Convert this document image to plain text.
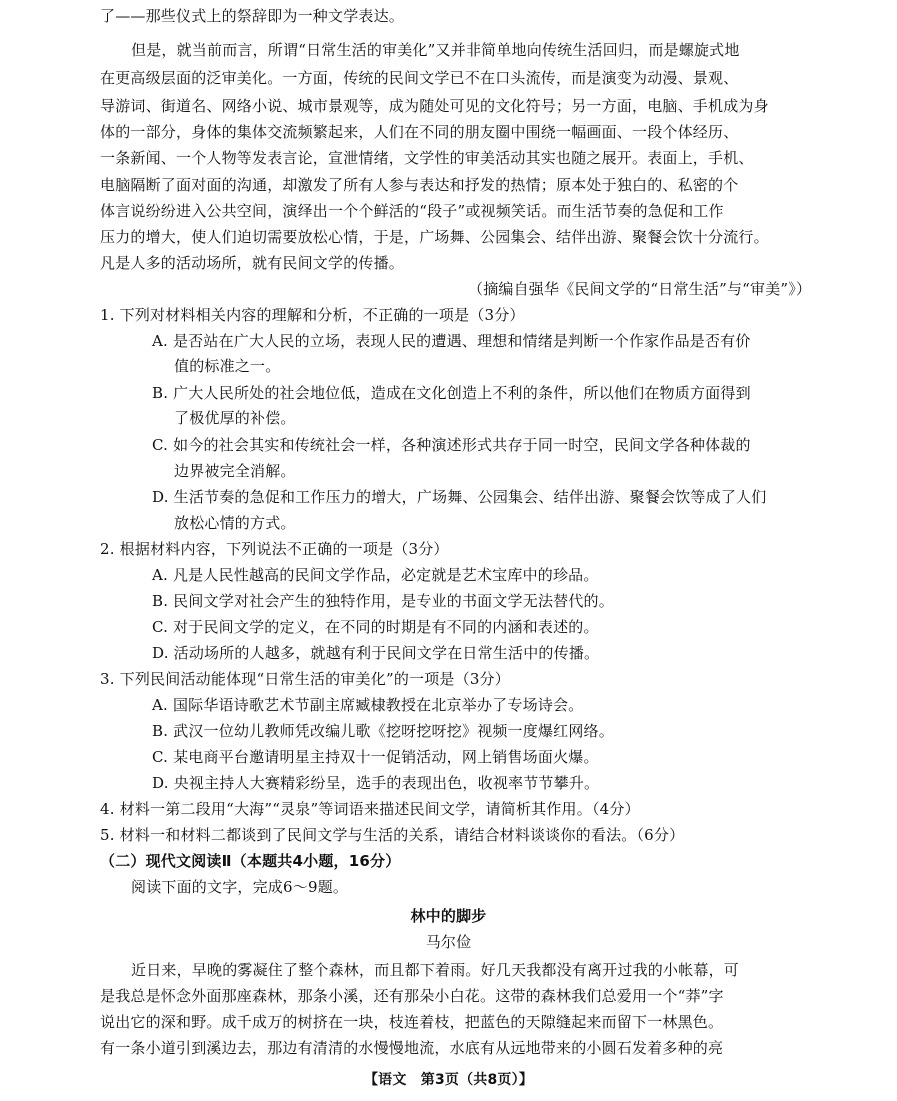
了——那些仪式上的祭辞即为一种文学表达。
但是，就当前而言，所谓“日常生活的审美化”又并非简单地向传统生活回归，而是螺旋式地
在更高级层面的泛审美化。一方面，传统的民间文学已不在口头流传，而是演变为动漫、景观、
导游词、街道名、网络小说、城市景观等，成为随处可见的文化符号；另一方面，电脑、手机成为身
体的一部分，身体的集体交流频繁起来，人们在不同的朋友圈中围绕一幅画面、一段个体经历、
一条新闻、一个人物等发表言论，宣泄情绪，文学性的审美活动其实也随之展开。表面上，手机、
电脑隔断了面对面的沟通，却激发了所有人参与表达和抒发的热情；原本处于独白的、私密的个
体言说纷纷进入公共空间，演绎出一个个鲜活的“段子”或视频笑话。而生活节奏的急促和工作
压力的增大，使人们迫切需要放松心情，于是，广场舞、公园集会、结伴出游、聚餐会饮十分流行。
凡是人多的活动场所，就有民间文学的传播。
（摘编自强华《民间文学的“日常生活”与“审美”》）
1. 下列对材料相关内容的理解和分析，不正确的一项是（3分）
A. 是否站在广大人民的立场，表现人民的遭遇、理想和情绪是判断一个作家作品是否有价
值的标准之一。
B. 广大人民所处的社会地位低，造成在文化创造上不利的条件，所以他们在物质方面得到
了极优厚的补偿。
C. 如今的社会其实和传统社会一样，各种演述形式共存于同一时空，民间文学各种体裁的
边界被完全消解。
D. 生活节奏的急促和工作压力的增大，广场舞、公园集会、结伴出游、聚餐会饮等成了人们
放松心情的方式。
2. 根据材料内容，下列说法不正确的一项是（3分）
A. 凡是人民性越高的民间文学作品，必定就是艺术宝库中的珍品。
B. 民间文学对社会产生的独特作用，是专业的书面文学无法替代的。
C. 对于民间文学的定义，在不同的时期是有不同的内涵和表述的。
D. 活动场所的人越多，就越有利于民间文学在日常生活中的传播。
3. 下列民间活动能体现“日常生活的审美化”的一项是（3分）
A. 国际华语诗歌艺术节副主席臧棣教授在北京举办了专场诗会。
B. 武汉一位幼儿教师凭改编儿歌《挖呀挖呀挖》视频一度爆红网络。
C. 某电商平台邀请明星主持双十一促销活动，网上销售场面火爆。
D. 央视主持人大赛精彩纷呈，选手的表现出色，收视率节节攀升。
4. 材料一第二段用“大海”“灵泉”等词语来描述民间文学，请简析其作用。（4分）
5. 材料一和材料二都谈到了民间文学与生活的关系，请结合材料谈谈你的看法。（6分）
（二）现代文阅读Ⅱ（本题共4小题，16分）
阅读下面的文字，完成6～9题。
林中的脚步
马尔俭
近日来，早晚的雾凝住了整个森林，而且都下着雨。好几天我都没有离开过我的小帐幕，可
是我总是怀念外面那座森林，那条小溪，还有那朵小白花。这带的森林我们总爱用一个“莽”字
说出它的深和野。成千成万的树挤在一块，枝连着枝，把蓝色的天隙缝起来而留下一林黑色。
有一条小道引到溪边去，那边有清清的水慢慢地流，水底有从远地带来的小圆石发着多种的亮
【语文　第3页（共8页）】
